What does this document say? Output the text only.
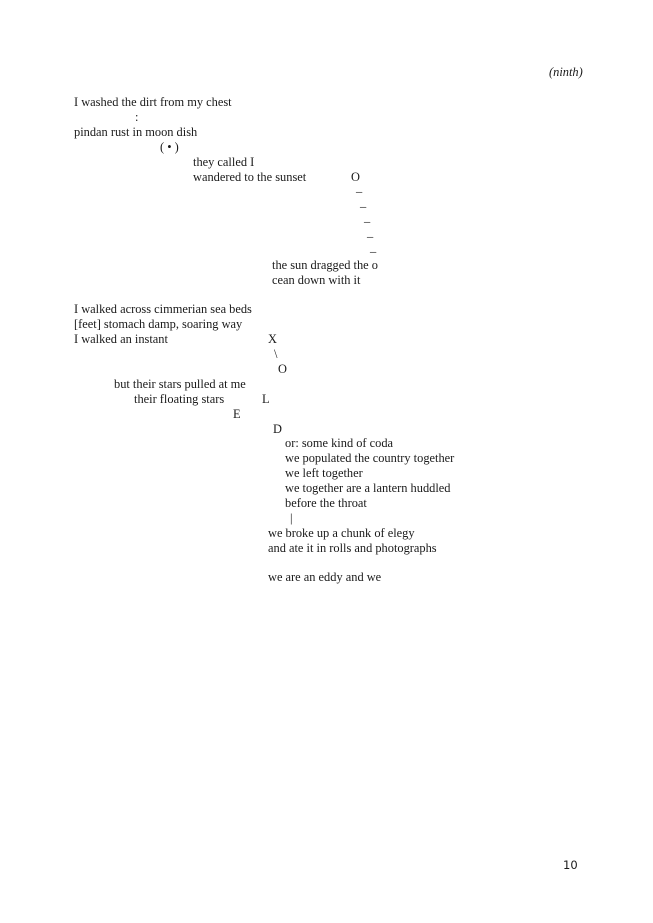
(ninth)
I washed the dirt from my chest
:
pindan rust in moon dish
( • )
they called I
wandered to the sunset	O
_
_
_
_
_
the sun dragged the o
cean down with it
I walked across cimmerian sea beds
[feet] stomach damp, soaring way
I walked an instant	X
\
O
but their stars pulled at me
their floating stars	L
E
D
or: some kind of coda
we populated the country together
we left together
we together are a lantern huddled
before the throat
|
we broke up a chunk of elegy
and ate it in rolls and photographs
we are an eddy and we
10
